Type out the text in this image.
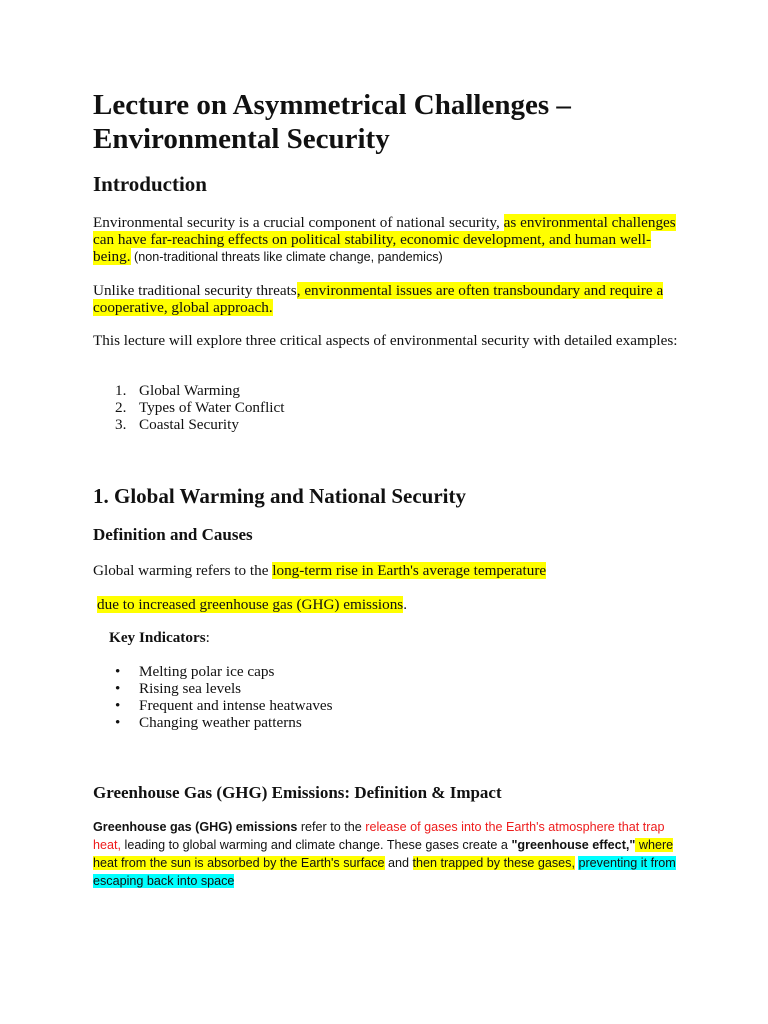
Lecture on Asymmetrical Challenges –
Environmental Security
Introduction

Environmental security is a crucial component of national security, as environmental challenges can have far-reaching effects on political stability, economic development, and human well-being. (non-traditional threats like climate change, pandemics)

Unlike traditional security threats, environmental issues are often transboundary and require a cooperative, global approach.

This lecture will explore three critical aspects of environmental security with detailed examples:

1. Global Warming
2. Types of Water Conflict
3. Coastal Security
1. Global Warming and National Security
Definition and Causes

Global warming refers to the long-term rise in Earth's average temperature

due to increased greenhouse gas (GHG) emissions.

Key Indicators:

• Melting polar ice caps
• Rising sea levels
• Frequent and intense heatwaves
• Changing weather patterns
Greenhouse Gas (GHG) Emissions: Definition & Impact

Greenhouse gas (GHG) emissions refer to the release of gases into the Earth's atmosphere that trap heat, leading to global warming and climate change. These gases create a "greenhouse effect," where heat from the sun is absorbed by the Earth's surface and then trapped by these gases, preventing it from escaping back into space
